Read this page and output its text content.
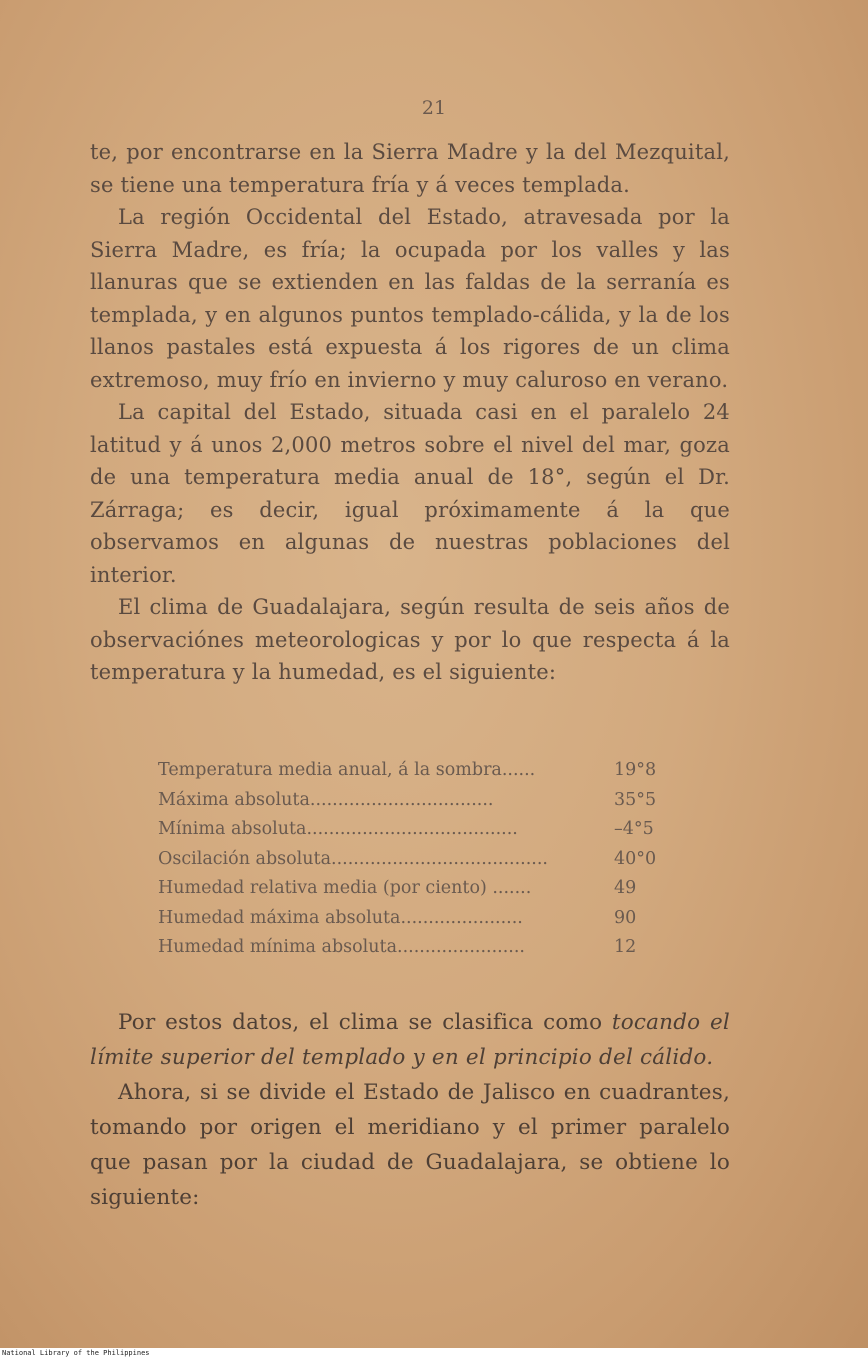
21

te, por encontrarse en la Sierra Madre y la del Mezquital, se tiene una temperatura fría y á veces templada.

La región Occidental del Estado, atravesada por la Sierra Madre, es fría; la ocupada por los valles y las llanuras que se extienden en las faldas de la serranía es templada, y en algunos puntos templado-cálida, y la de los llanos pastales está expuesta á los rigores de un clima extremoso, muy frío en invierno y muy caluroso en verano.

La capital del Estado, situada casi en el paralelo 24 latitud y á unos 2,000 metros sobre el nivel del mar, goza de una temperatura media anual de 18°, según el Dr. Zárraga; es decir, igual próximamente á la que observamos en algunas de nuestras poblaciones del interior.

El clima de Guadalajara, según resulta de seis años de observaciónes meteorologicas y por lo que respecta á la temperatura y la humedad, es el siguiente:

Temperatura media anual, á la sombra......	19°8
Máxima absoluta.................................	35°5
Mínima absoluta......................................	–4°5
Oscilación absoluta.......................................	40°0
Humedad relativa media (por ciento) .......	49
Humedad máxima absoluta......................	90
Humedad mínima absoluta.......................	12

Por estos datos, el clima se clasifica como tocando el límite superior del templado y en el principio del cálido.

Ahora, si se divide el Estado de Jalisco en cuadrantes, tomando por origen el meridiano y el primer paralelo que pasan por la ciudad de Guadalajara, se obtiene lo siguiente:

National Library of the Philippines
